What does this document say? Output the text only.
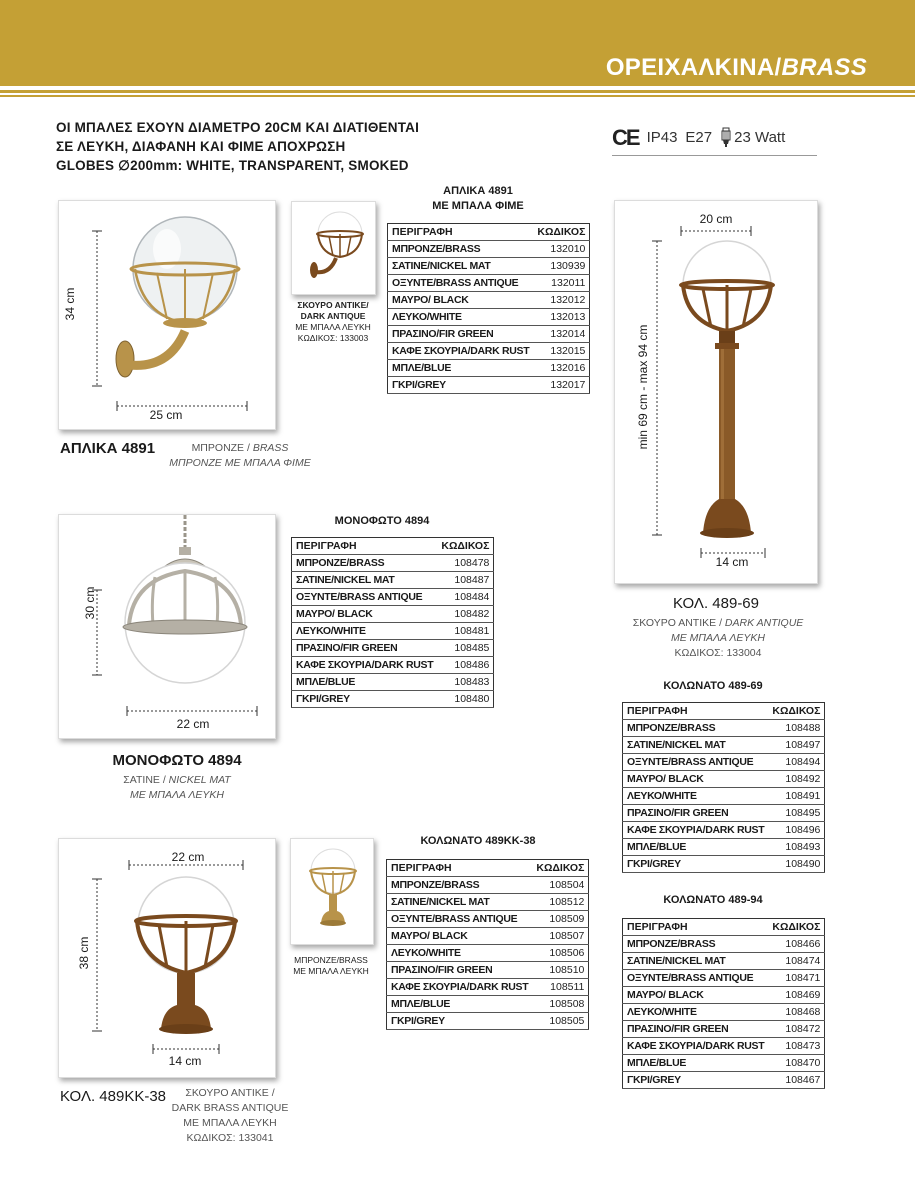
ΟΡΕΙΧΑΛΚΙΝΑ/BRASS
ΟΙ ΜΠΑΛΕΣ ΕΧΟΥΝ ΔΙΑΜΕΤΡΟ 20CM ΚΑΙ ΔΙΑΤΙΘΕΝΤΑΙ
ΣΕ ΛΕΥΚΗ, ΔΙΑΦΑΝΗ ΚΑΙ ΦΙΜΕ ΑΠΟΧΡΩΣΗ
GLOBES ∅200mm: WHITE, TRANSPARENT, SMOKED
CE IP43 E27 23 Watt
34 cm
25 cm
ΑΠΛΙΚΑ 4891	ΜΠΡΟΝΖΕ / BRASS
ΜΠΡΟΝΖΕ ΜΕ ΜΠΑΛΑ ΦΙΜΕ
ΣΚΟΥΡΟ ΑΝΤΙΚΕ/
DARK ANTIQUE
ΜΕ ΜΠΑΛΑ ΛΕΥΚΗ
ΚΩΔΙΚΟΣ: 133003
ΑΠΛΙΚΑ 4891
ΜΕ ΜΠΑΛΑ ΦΙΜΕ
ΠΕΡΙΓΡΑΦΗ	ΚΩΔΙΚΟΣ
ΜΠΡΟΝΖΕ/BRASS	132010
ΣΑΤΙΝΕ/NICKEL MAT	130939
ΟΞΥΝΤΕ/BRASS ANTIQUE	132011
ΜΑΥΡΟ/ BLACK	132012
ΛΕΥΚΟ/WHITE	132013
ΠΡΑΣΙΝΟ/FIR GREEN	132014
ΚΑΦΕ ΣΚΟΥΡΙΑ/DARK RUST	132015
ΜΠΛΕ/BLUE	132016
ΓΚΡΙ/GREY	132017
30 cm
22 cm
ΜΟΝΟΦΩΤΟ 4894
ΣΑΤΙΝΕ / NICKEL MAT
ΜΕ ΜΠΑΛΑ ΛΕΥΚΗ
ΜΟΝΟΦΩΤΟ 4894
ΠΕΡΙΓΡΑΦΗ	ΚΩΔΙΚΟΣ
ΜΠΡΟΝΖΕ/BRASS	108478
ΣΑΤΙΝΕ/NICKEL MAT	108487
ΟΞΥΝΤΕ/BRASS ANTIQUE	108484
ΜΑΥΡΟ/ BLACK	108482
ΛΕΥΚΟ/WHITE	108481
ΠΡΑΣΙΝΟ/FIR GREEN	108485
ΚΑΦΕ ΣΚΟΥΡΙΑ/DARK RUST	108486
ΜΠΛΕ/BLUE	108483
ΓΚΡΙ/GREY	108480
22 cm
38 cm
14 cm
ΚΟΛ. 489ΚΚ-38	ΣΚΟΥΡΟ ΑΝΤΙΚΕ /
DARK BRASS ANTIQUE
ΜΕ ΜΠΑΛΑ ΛΕΥΚΗ
ΚΩΔΙΚΟΣ: 133041
ΜΠΡΟΝΖΕ/BRASS
ΜΕ ΜΠΑΛΑ ΛΕΥΚΗ
ΚΟΛΩΝΑΤΟ 489ΚΚ-38
ΠΕΡΙΓΡΑΦΗ	ΚΩΔΙΚΟΣ
ΜΠΡΟΝΖΕ/BRASS	108504
ΣΑΤΙΝΕ/NICKEL MAT	108512
ΟΞΥΝΤΕ/BRASS ANTIQUE	108509
ΜΑΥΡΟ/ BLACK	108507
ΛΕΥΚΟ/WHITE	108506
ΠΡΑΣΙΝΟ/FIR GREEN	108510
ΚΑΦΕ ΣΚΟΥΡΙΑ/DARK RUST	108511
ΜΠΛΕ/BLUE	108508
ΓΚΡΙ/GREY	108505
20 cm
min 69 cm - max 94 cm
14 cm
ΚΟΛ. 489-69
ΣΚΟΥΡΟ ΑΝΤΙΚΕ / DARK ANTIQUE
ΜΕ ΜΠΑΛΑ ΛΕΥΚΗ
ΚΩΔΙΚΟΣ: 133004
ΚΟΛΩΝΑΤΟ 489-69
ΠΕΡΙΓΡΑΦΗ	ΚΩΔΙΚΟΣ
ΜΠΡΟΝΖΕ/BRASS	108488
ΣΑΤΙΝΕ/NICKEL MAT	108497
ΟΞΥΝΤΕ/BRASS ANTIQUE	108494
ΜΑΥΡΟ/ BLACK	108492
ΛΕΥΚΟ/WHITE	108491
ΠΡΑΣΙΝΟ/FIR GREEN	108495
ΚΑΦΕ ΣΚΟΥΡΙΑ/DARK RUST	108496
ΜΠΛΕ/BLUE	108493
ΓΚΡΙ/GREY	108490
ΚΟΛΩΝΑΤΟ 489-94
ΠΕΡΙΓΡΑΦΗ	ΚΩΔΙΚΟΣ
ΜΠΡΟΝΖΕ/BRASS	108466
ΣΑΤΙΝΕ/NICKEL MAT	108474
ΟΞΥΝΤΕ/BRASS ANTIQUE	108471
ΜΑΥΡΟ/ BLACK	108469
ΛΕΥΚΟ/WHITE	108468
ΠΡΑΣΙΝΟ/FIR GREEN	108472
ΚΑΦΕ ΣΚΟΥΡΙΑ/DARK RUST	108473
ΜΠΛΕ/BLUE	108470
ΓΚΡΙ/GREY	108467
